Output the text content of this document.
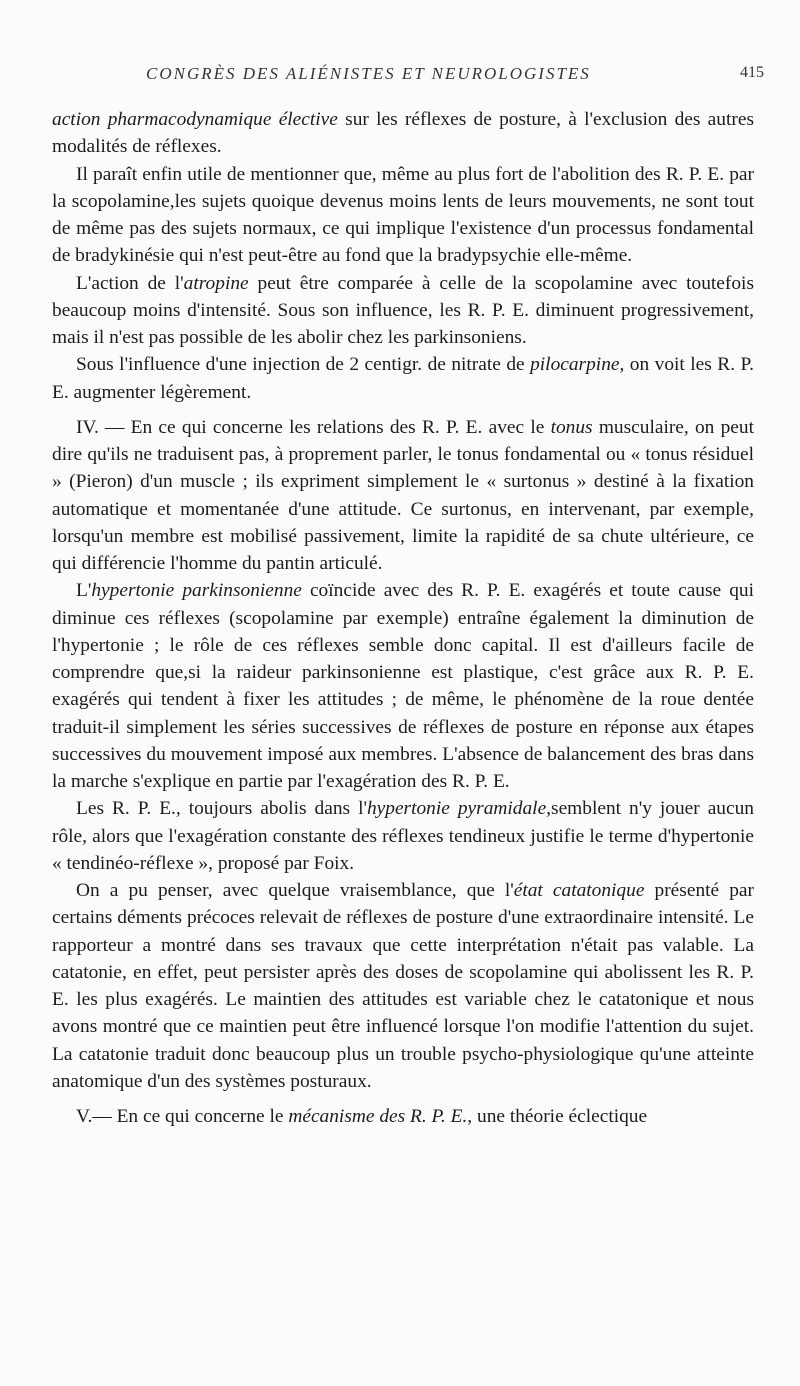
CONGRÈS DES ALIÉNISTES ET NEUROLOGISTES	415

action pharmacodynamique élective sur les réflexes de posture, à l'exclusion des autres modalités de réflexes.

Il paraît enfin utile de mentionner que, même au plus fort de l'abolition des R. P. E. par la scopolamine,les sujets quoique devenus moins lents de leurs mouvements, ne sont tout de même pas des sujets normaux, ce qui implique l'existence d'un processus fondamental de bradykinésie qui n'est peut-être au fond que la bradypsychie elle-même.

L'action de l'atropine peut être comparée à celle de la scopolamine avec toutefois beaucoup moins d'intensité. Sous son influence, les R. P. E. diminuent progressivement, mais il n'est pas possible de les abolir chez les parkinsoniens.

Sous l'influence d'une injection de 2 centigr. de nitrate de pilocarpine, on voit les R. P. E. augmenter légèrement.

IV. — En ce qui concerne les relations des R. P. E. avec le tonus musculaire, on peut dire qu'ils ne traduisent pas, à proprement parler, le tonus fondamental ou « tonus résiduel » (Pieron) d'un muscle ; ils expriment simplement le « surtonus » destiné à la fixation automatique et momentanée d'une attitude. Ce surtonus, en intervenant, par exemple, lorsqu'un membre est mobilisé passivement, limite la rapidité de sa chute ultérieure, ce qui différencie l'homme du pantin articulé.

L'hypertonie parkinsonienne coïncide avec des R. P. E. exagérés et toute cause qui diminue ces réflexes (scopolamine par exemple) entraîne également la diminution de l'hypertonie ; le rôle de ces réflexes semble donc capital. Il est d'ailleurs facile de comprendre que,si la raideur parkinsonienne est plastique, c'est grâce aux R. P. E. exagérés qui tendent à fixer les attitudes ; de même, le phénomène de la roue dentée traduit-il simplement les séries successives de réflexes de posture en réponse aux étapes successives du mouvement imposé aux membres. L'absence de balancement des bras dans la marche s'explique en partie par l'exagération des R. P. E.

Les R. P. E., toujours abolis dans l'hypertonie pyramidale,semblent n'y jouer aucun rôle, alors que l'exagération constante des réflexes tendineux justifie le terme d'hypertonie « tendinéo-réflexe », proposé par Foix.

On a pu penser, avec quelque vraisemblance, que l'état catatonique présenté par certains déments précoces relevait de réflexes de posture d'une extraordinaire intensité. Le rapporteur a montré dans ses travaux que cette interprétation n'était pas valable. La catatonie, en effet, peut persister après des doses de scopolamine qui abolissent les R. P. E. les plus exagérés. Le maintien des attitudes est variable chez le catatonique et nous avons montré que ce maintien peut être influencé lorsque l'on modifie l'attention du sujet. La catatonie traduit donc beaucoup plus un trouble psycho-physiologique qu'une atteinte anatomique d'un des systèmes posturaux.

V.— En ce qui concerne le mécanisme des R. P. E., une théorie éclectique
